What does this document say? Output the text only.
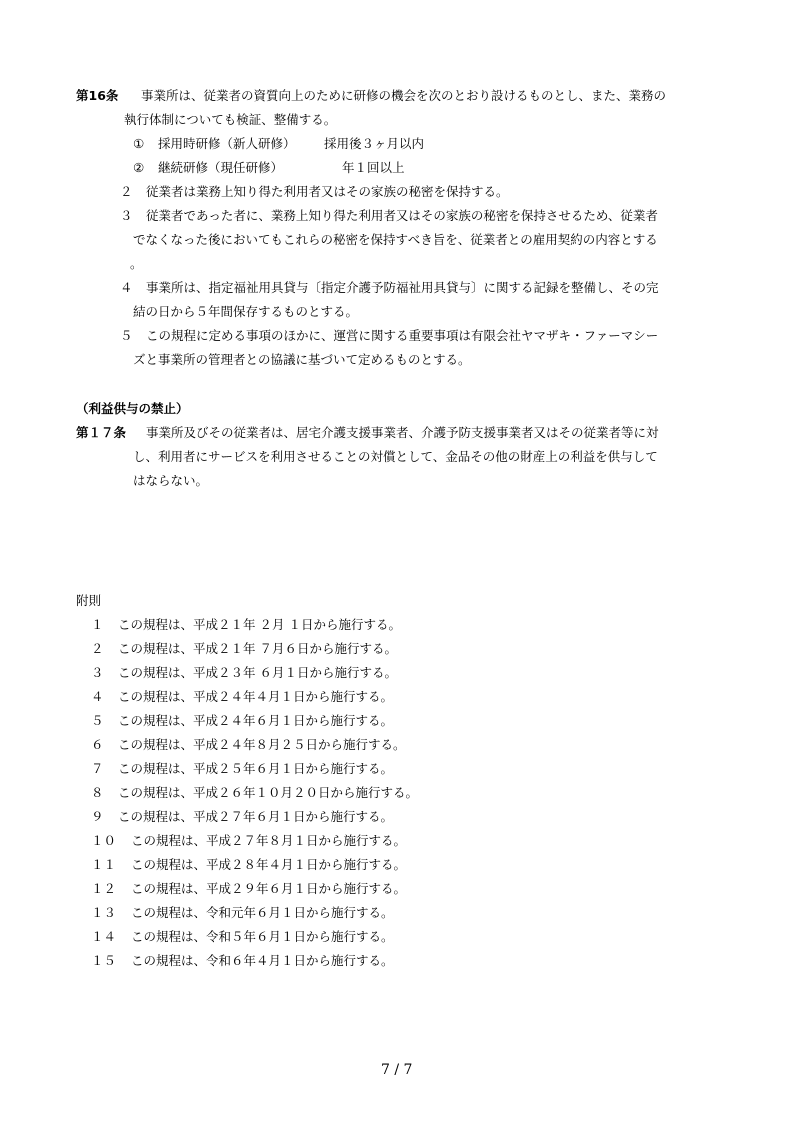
第16条 事業所は、従業者の資質向上のために研修の機会を次のとおり設けるものとし、また、業務の
執行体制についても検証、整備する。
① 採用時研修（新人研修） 採用後３ヶ月以内
② 継続研修（現任研修）	年１回以上
２ 従業者は業務上知り得た利用者又はその家族の秘密を保持する。
３ 従業者であった者に、業務上知り得た利用者又はその家族の秘密を保持させるため、従業者
でなくなった後においてもこれらの秘密を保持すべき旨を、従業者との雇用契約の内容とする
。
４ 事業所は、指定福祉用具貸与〔指定介護予防福祉用具貸与〕に関する記録を整備し、その完
結の日から５年間保存するものとする。
５ この規程に定める事項のほかに、運営に関する重要事項は有限会社ヤマザキ・ファーマシー
ズと事業所の管理者との協議に基づいて定めるものとする。
（利益供与の禁止）
第１７条 事業所及びその従業者は、居宅介護支援事業者、介護予防支援事業者又はその従業者等に対
し、利用者にサービスを利用させることの対償として、金品その他の財産上の利益を供与して
はならない。
附則
１ この規程は、平成２１年 ２月 １日から施行する。
２ この規程は、平成２１年 ７月６日から施行する。
３ この規程は、平成２３年 ６月１日から施行する。
４ この規程は、平成２４年４月１日から施行する。
５ この規程は、平成２４年６月１日から施行する。
６ この規程は、平成２４年８月２５日から施行する。
７ この規程は、平成２５年６月１日から施行する。
８ この規程は、平成２６年１０月２０日から施行する。
９ この規程は、平成２７年６月１日から施行する。
１０ この規程は、平成２７年８月１日から施行する。
１１ この規程は、平成２８年４月１日から施行する。
１２ この規程は、平成２９年６月１日から施行する。
１３ この規程は、令和元年６月１日から施行する。
１４ この規程は、令和５年６月１日から施行する。
１５ この規程は、令和６年４月１日から施行する。
7 / 7
